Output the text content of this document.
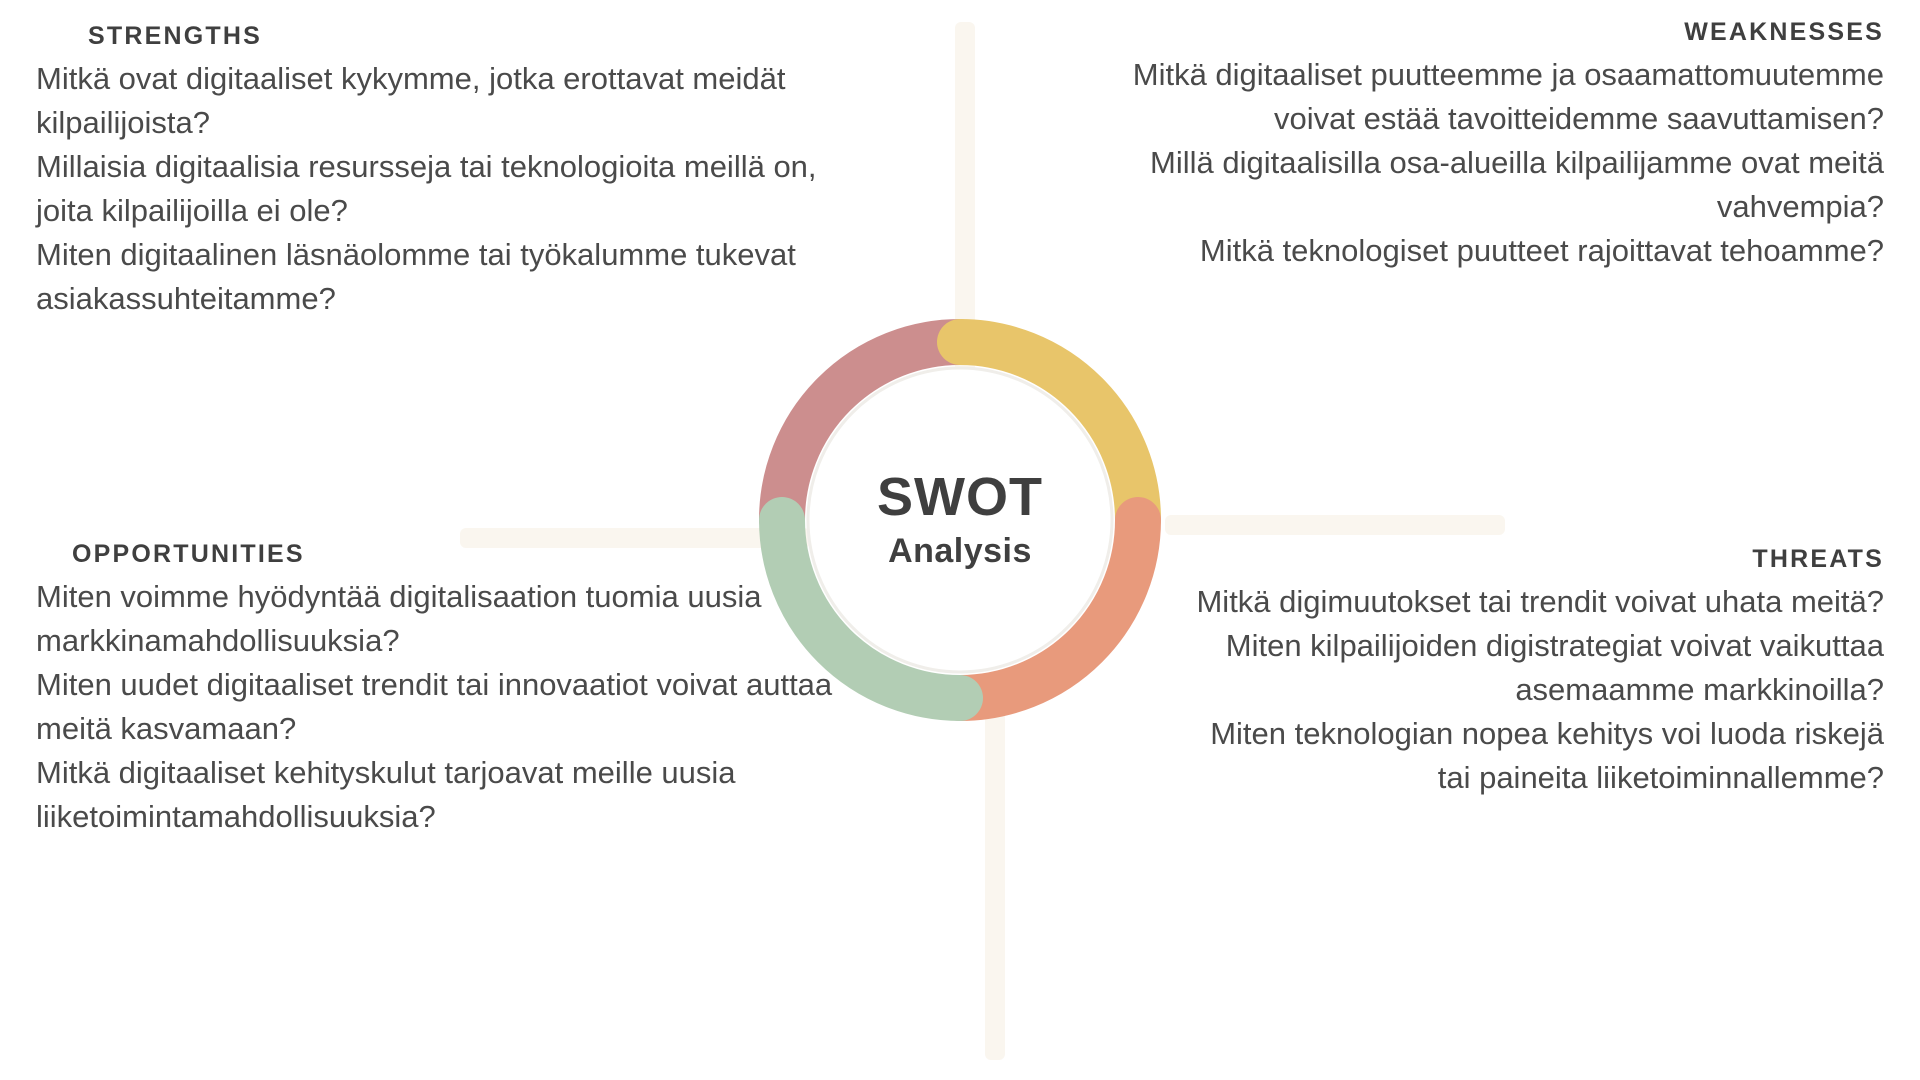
SWOT
Analysis
STRENGTHS
Mitkä ovat digitaaliset kykymme, jotka erottavat meidät kilpailijoista?
Millaisia digitaalisia resursseja tai teknologioita meillä on, joita kilpailijoilla ei ole?
Miten digitaalinen läsnäolomme tai työkalumme tukevat asiakassuhteitamme?
WEAKNESSES
Mitkä digitaaliset puutteemme ja osaamattomuutemme voivat estää tavoitteidemme saavuttamisen?
Millä digitaalisilla osa-alueilla kilpailijamme ovat meitä vahvempia?
Mitkä teknologiset puutteet rajoittavat tehoamme?
OPPORTUNITIES
Miten voimme hyödyntää digitalisaation tuomia uusia markkinamahdollisuuksia?
Miten uudet digitaaliset trendit tai innovaatiot voivat auttaa meitä kasvamaan?
Mitkä digitaaliset kehityskulut tarjoavat meille uusia liiketoimintamahdollisuuksia?
THREATS
Mitkä digimuutokset tai trendit voivat uhata meitä?
Miten kilpailijoiden digistrategiat voivat vaikuttaa asemaamme markkinoilla?
Miten teknologian nopea kehitys voi luoda riskejä tai paineita liiketoiminnallemme?
